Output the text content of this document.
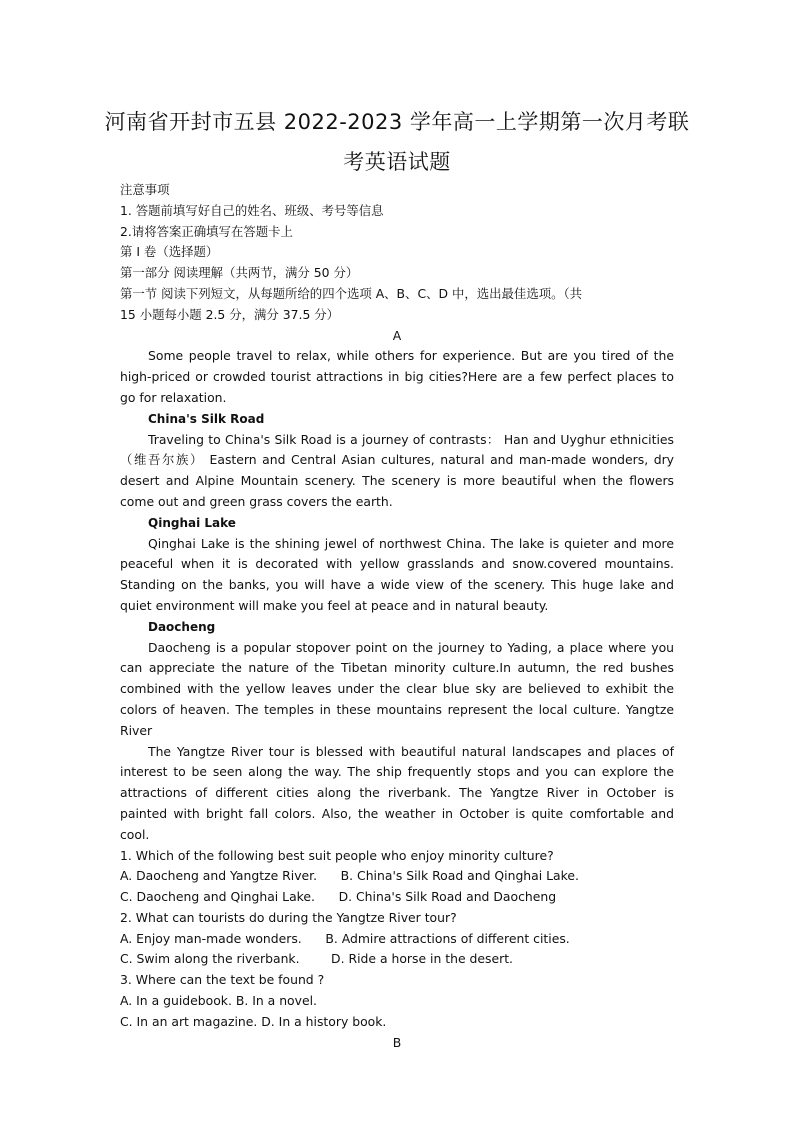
河南省开封市五县 2022-2023 学年高一上学期第一次月考联
考英语试题

注意事项

1. 答题前填写好自己的姓名、班级、考号等信息

2.请将答案正确填写在答题卡上

第 I 卷（选择题）

第一部分 阅读理解（共两节，满分 50 分）

第一节 阅读下列短文，从每题所给的四个选项 A、B、C、D 中，选出最佳选项。（共

15 小题每小题 2.5 分，满分 37.5 分）

A

Some people travel to relax, while others for experience. But are you tired of the high-priced or crowded tourist attractions in big cities?Here are a few perfect places to go for relaxation.

China's Silk Road

Traveling to China's Silk Road is a journey of contrasts： Han and Uyghur ethnicities（维吾尔族） Eastern and Central Asian cultures, natural and man-made wonders, dry desert and Alpine Mountain scenery. The scenery is more beautiful when the flowers come out and green grass covers the earth.

Qinghai Lake

Qinghai Lake is the shining jewel of northwest China. The lake is quieter and more peaceful when it is decorated with yellow grasslands and snow.covered mountains. Standing on the banks, you will have a wide view of the scenery. This huge lake and quiet environment will make you feel at peace and in natural beauty.

Daocheng

Daocheng is a popular stopover point on the journey to Yading, a place where you can appreciate the nature of the Tibetan minority culture.In autumn, the red bushes combined with the yellow leaves under the clear blue sky are believed to exhibit the colors of heaven. The temples in these mountains represent the local culture. Yangtze River

The Yangtze River tour is blessed with beautiful natural landscapes and places of interest to be seen along the way. The ship frequently stops and you can explore the attractions of different cities along the riverbank. The Yangtze River in October is painted with bright fall colors. Also, the weather in October is quite comfortable and cool.

1. Which of the following best suit people who enjoy minority culture?

A. Daocheng and Yangtze River.      B. China's Silk Road and Qinghai Lake.

C. Daocheng and Qinghai Lake.      D. China's Silk Road and Daocheng

2. What can tourists do during the Yangtze River tour?

A. Enjoy man-made wonders.      B. Admire attractions of different cities.

C. Swim along the riverbank.        D. Ride a horse in the desert.

3. Where can the text be found ?

A. In a guidebook. B. In a novel.

C. In an art magazine. D. In a history book.

B
